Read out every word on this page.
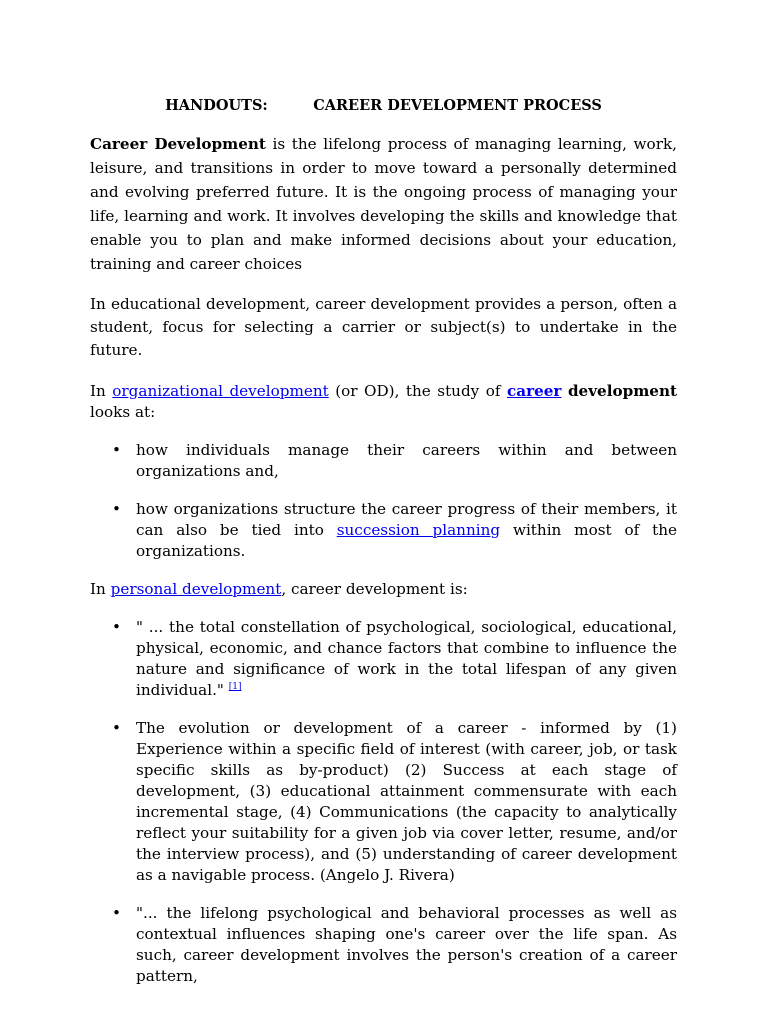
HANDOUTS:         CAREER DEVELOPMENT PROCESS

Career Development is the lifelong process of managing learning, work, leisure, and transitions in order to move toward a personally determined and evolving preferred future. It is the ongoing process of managing your life, learning and work. It involves developing the skills and knowledge that enable you to plan and make informed decisions about your education, training and career choices

In educational development, career development provides a person, often a student, focus for selecting a carrier or subject(s) to undertake in the future.

In organizational development (or OD), the study of career development looks at:

• how individuals manage their careers within and between organizations and,
• how organizations structure the career progress of their members, it can also be tied into succession planning within most of the organizations.

In personal development, career development is:

• " ... the total constellation of psychological, sociological, educational, physical, economic, and chance factors that combine to influence the nature and significance of work in the total lifespan of any given individual." [1]
• The evolution or development of a career - informed by (1) Experience within a specific field of interest (with career, job, or task specific skills as by-product) (2) Success at each stage of development, (3) educational attainment commensurate with each incremental stage, (4) Communications (the capacity to analytically reflect your suitability for a given job via cover letter, resume, and/or the interview process), and (5) understanding of career development as a navigable process. (Angelo J. Rivera)
• "... the lifelong psychological and behavioral processes as well as contextual influences shaping one's career over the life span. As such, career development involves the person's creation of a career pattern,
